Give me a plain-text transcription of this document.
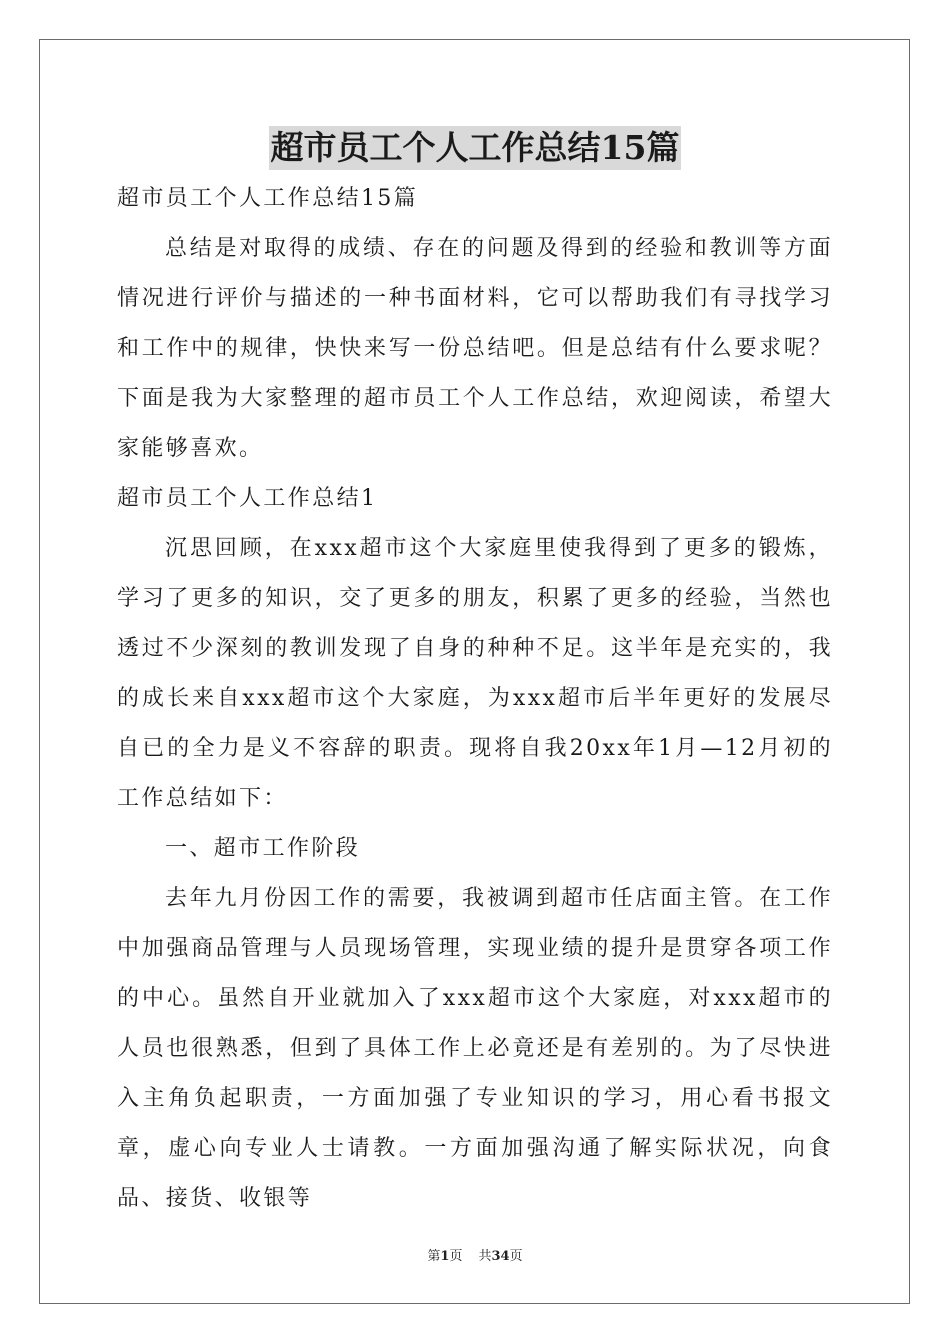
超市员工个人工作总结15篇

超市员工个人工作总结15篇

总结是对取得的成绩、存在的问题及得到的经验和教训等方面情况进行评价与描述的一种书面材料，它可以帮助我们有寻找学习和工作中的规律，快快来写一份总结吧。但是总结有什么要求呢？下面是我为大家整理的超市员工个人工作总结，欢迎阅读，希望大家能够喜欢。

超市员工个人工作总结1

沉思回顾，在xxx超市这个大家庭里使我得到了更多的锻炼，学习了更多的知识，交了更多的朋友，积累了更多的经验，当然也透过不少深刻的教训发现了自身的种种不足。这半年是充实的，我的成长来自xxx超市这个大家庭，为xxx超市后半年更好的发展尽自已的全力是义不容辞的职责。现将自我20xx年1月—12月初的工作总结如下：

一、超市工作阶段

去年九月份因工作的需要，我被调到超市任店面主管。在工作中加强商品管理与人员现场管理，实现业绩的提升是贯穿各项工作的中心。虽然自开业就加入了xxx超市这个大家庭，对xxx超市的人员也很熟悉，但到了具体工作上必竟还是有差别的。为了尽快进入主角负起职责，一方面加强了专业知识的学习，用心看书报文章，虚心向专业人士请教。一方面加强沟通了解实际状况，向食品、接货、收银等

第1页 共34页
